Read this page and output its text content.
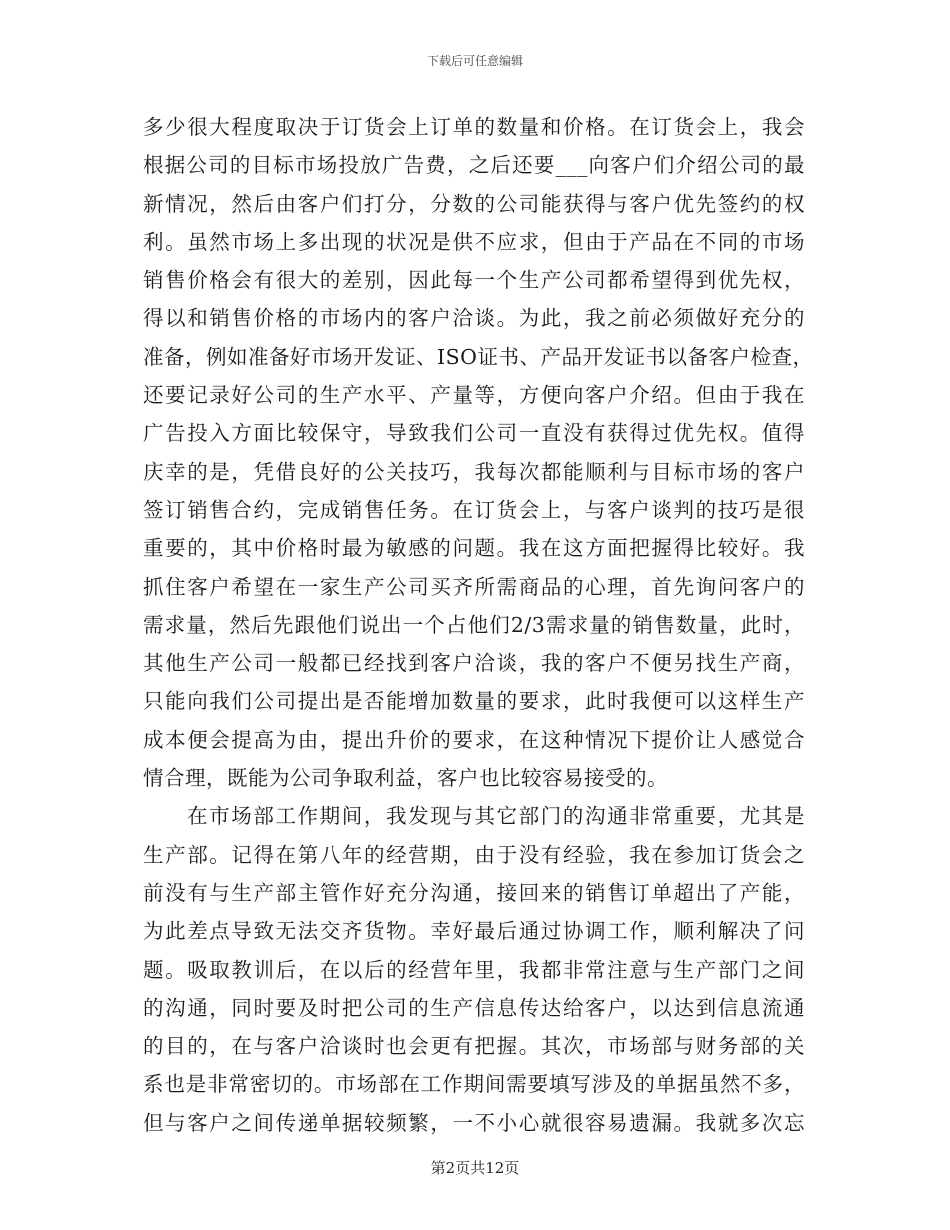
下载后可任意编辑
多少很大程度取决于订货会上订单的数量和价格。在订货会上，我会
根据公司的目标市场投放广告费，之后还要___向客户们介绍公司的最
新情况，然后由客户们打分，分数的公司能获得与客户优先签约的权
利。虽然市场上多出现的状况是供不应求，但由于产品在不同的市场
销售价格会有很大的差别，因此每一个生产公司都希望得到优先权，
得以和销售价格的市场内的客户洽谈。为此，我之前必须做好充分的
准备，例如准备好市场开发证、ISO证书、产品开发证书以备客户检查，
还要记录好公司的生产水平、产量等，方便向客户介绍。但由于我在
广告投入方面比较保守，导致我们公司一直没有获得过优先权。值得
庆幸的是，凭借良好的公关技巧，我每次都能顺利与目标市场的客户
签订销售合约，完成销售任务。在订货会上，与客户谈判的技巧是很
重要的，其中价格时最为敏感的问题。我在这方面把握得比较好。我
抓住客户希望在一家生产公司买齐所需商品的心理，首先询问客户的
需求量，然后先跟他们说出一个占他们2/3需求量的销售数量，此时，
其他生产公司一般都已经找到客户洽谈，我的客户不便另找生产商，
只能向我们公司提出是否能增加数量的要求，此时我便可以这样生产
成本便会提高为由，提出升价的要求，在这种情况下提价让人感觉合
情合理，既能为公司争取利益，客户也比较容易接受的。
在市场部工作期间，我发现与其它部门的沟通非常重要，尤其是
生产部。记得在第八年的经营期，由于没有经验，我在参加订货会之
前没有与生产部主管作好充分沟通，接回来的销售订单超出了产能，
为此差点导致无法交齐货物。幸好最后通过协调工作，顺利解决了问
题。吸取教训后，在以后的经营年里，我都非常注意与生产部门之间
的沟通，同时要及时把公司的生产信息传达给客户，以达到信息流通
的目的，在与客户洽谈时也会更有把握。其次，市场部与财务部的关
系也是非常密切的。市场部在工作期间需要填写涉及的单据虽然不多，
但与客户之间传递单据较频繁，一不小心就很容易遗漏。我就多次忘
第2页共12页
